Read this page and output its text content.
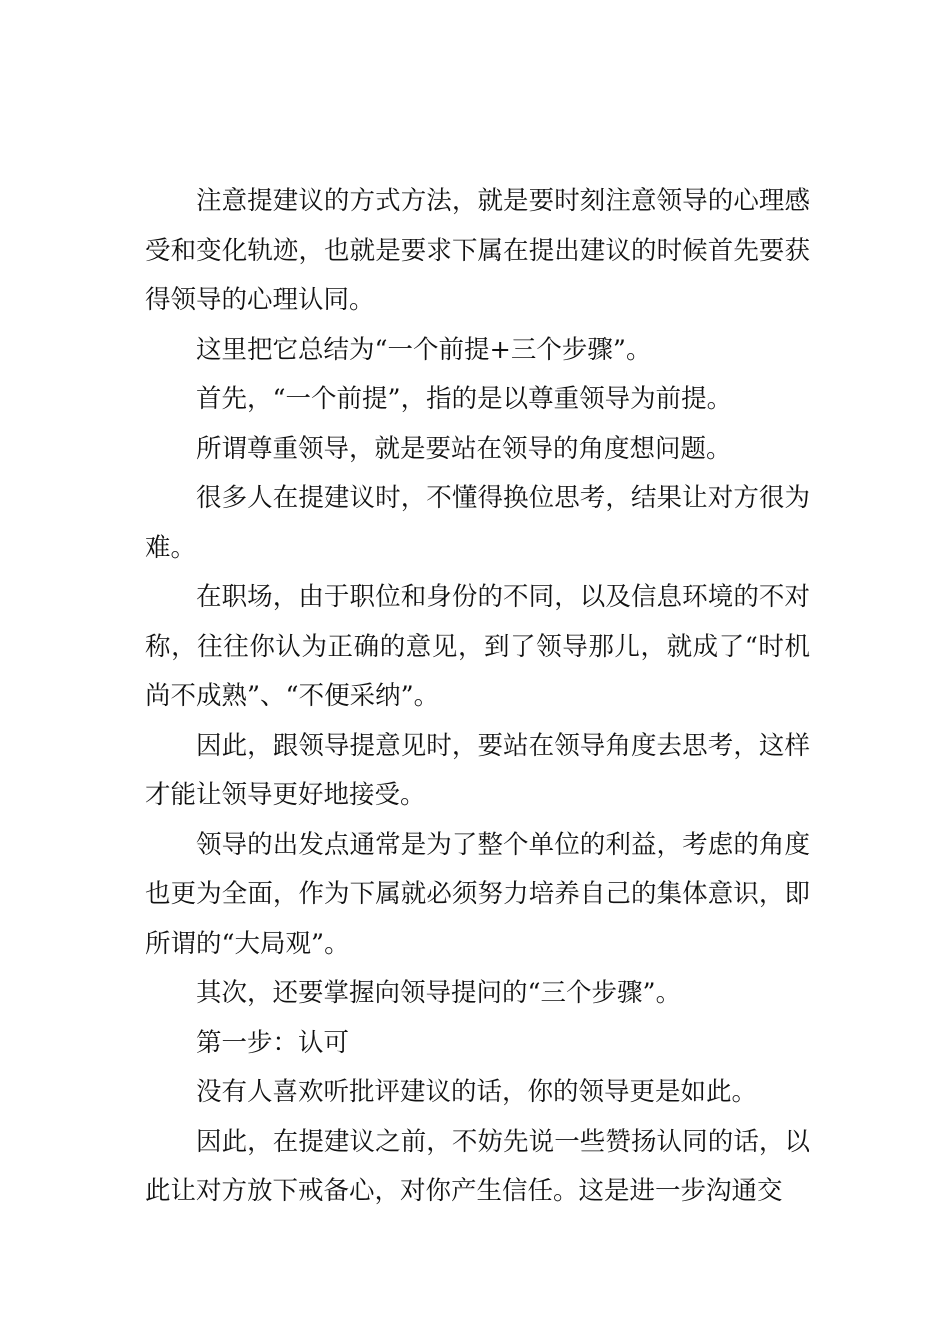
注意提建议的方式方法，就是要时刻注意领导的心理感受和变化轨迹，也就是要求下属在提出建议的时候首先要获得领导的心理认同。

这里把它总结为“一个前提+三个步骤”。

首先，“一个前提”，指的是以尊重领导为前提。

所谓尊重领导，就是要站在领导的角度想问题。

很多人在提建议时，不懂得换位思考，结果让对方很为难。

在职场，由于职位和身份的不同，以及信息环境的不对称，往往你认为正确的意见，到了领导那儿，就成了“时机尚不成熟”、“不便采纳”。

因此，跟领导提意见时，要站在领导角度去思考，这样才能让领导更好地接受。

领导的出发点通常是为了整个单位的利益，考虑的角度也更为全面，作为下属就必须努力培养自己的集体意识，即所谓的“大局观”。

其次，还要掌握向领导提问的“三个步骤”。

第一步：认可

没有人喜欢听批评建议的话，你的领导更是如此。

因此，在提建议之前，不妨先说一些赞扬认同的话，以此让对方放下戒备心，对你产生信任。这是进一步沟通交
